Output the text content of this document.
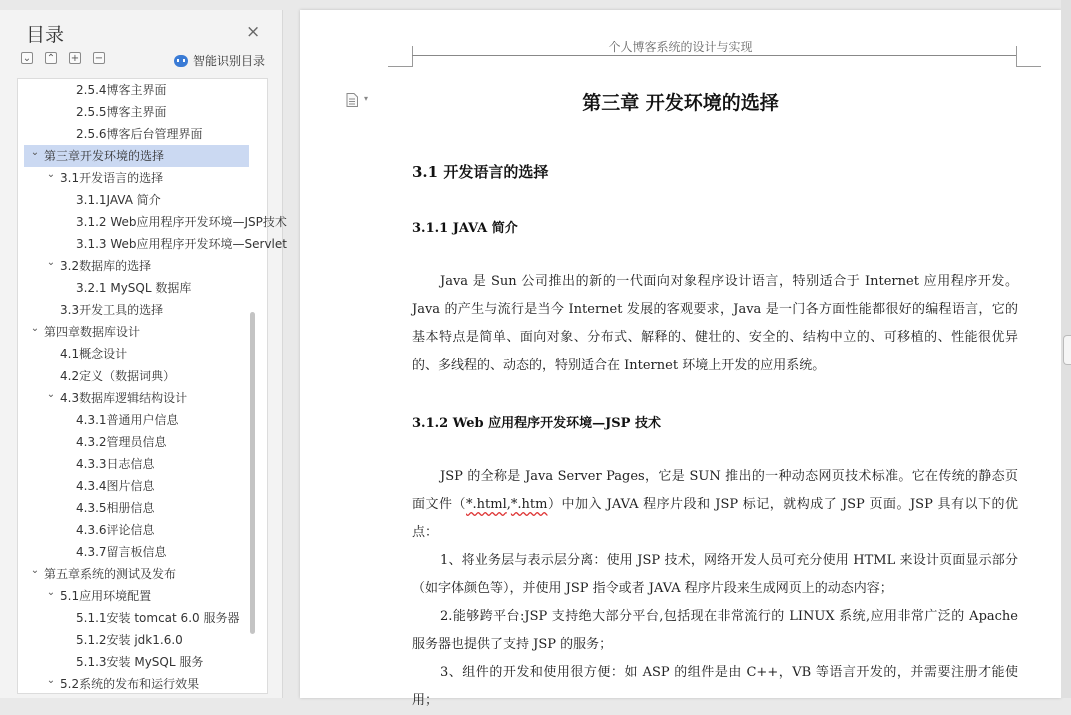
目录	×
⌄ ⌃ + −	智能识别目录
2.5.4博客主界面
2.5.5博客主界面
2.5.6博客后台管理界面
⌄ 第三章开发环境的选择
⌄ 3.1开发语言的选择
3.1.1JAVA 简介
3.1.2 Web应用程序开发环境—JSP技术
3.1.3 Web应用程序开发环境—Servlet
⌄ 3.2数据库的选择
3.2.1 MySQL 数据库
3.3开发工具的选择
⌄ 第四章数据库设计
4.1概念设计
4.2定义（数据词典）
⌄ 4.3数据库逻辑结构设计
4.3.1普通用户信息
4.3.2管理员信息
4.3.3日志信息
4.3.4图片信息
4.3.5相册信息
4.3.6评论信息
4.3.7留言板信息
⌄ 第五章系统的测试及发布
⌄ 5.1应用环境配置
5.1.1安装 tomcat 6.0 服务器
5.1.2安装 jdk1.6.0
5.1.3安装 MySQL 服务
⌄ 5.2系统的发布和运行效果
个人博客系统的设计与实现
▾	第三章 开发环境的选择
3.1 开发语言的选择
3.1.1 JAVA 简介
Java 是 Sun 公司推出的新的一代面向对象程序设计语言，特别适合于 Internet 应用程序开发。Java 的产生与流行是当今 Internet 发展的客观要求，Java 是一门各方面性能都很好的编程语言，它的基本特点是简单、面向对象、分布式、解释的、健壮的、安全的、结构中立的、可移植的、性能很优异的、多线程的、动态的，特别适合在 Internet 环境上开发的应用系统。
3.1.2 Web 应用程序开发环境—JSP 技术
JSP 的全称是 Java Server Pages，它是 SUN 推出的一种动态网页技术标准。它在传统的静态页面文件（*.html,*.htm）中加入 JAVA 程序片段和 JSP 标记，就构成了 JSP 页面。JSP 具有以下的优点：
1、将业务层与表示层分离：使用 JSP 技术，网络开发人员可充分使用 HTML 来设计页面显示部分（如字体颜色等），并使用 JSP 指令或者 JAVA 程序片段来生成网页上的动态内容；
2.能够跨平台:JSP 支持绝大部分平台,包括现在非常流行的 LINUX 系统,应用非常广泛的 Apache 服务器也提供了支持 JSP 的服务；
3、组件的开发和使用很方便：如 ASP 的组件是由 C++，VB 等语言开发的，并需要注册才能使用；
